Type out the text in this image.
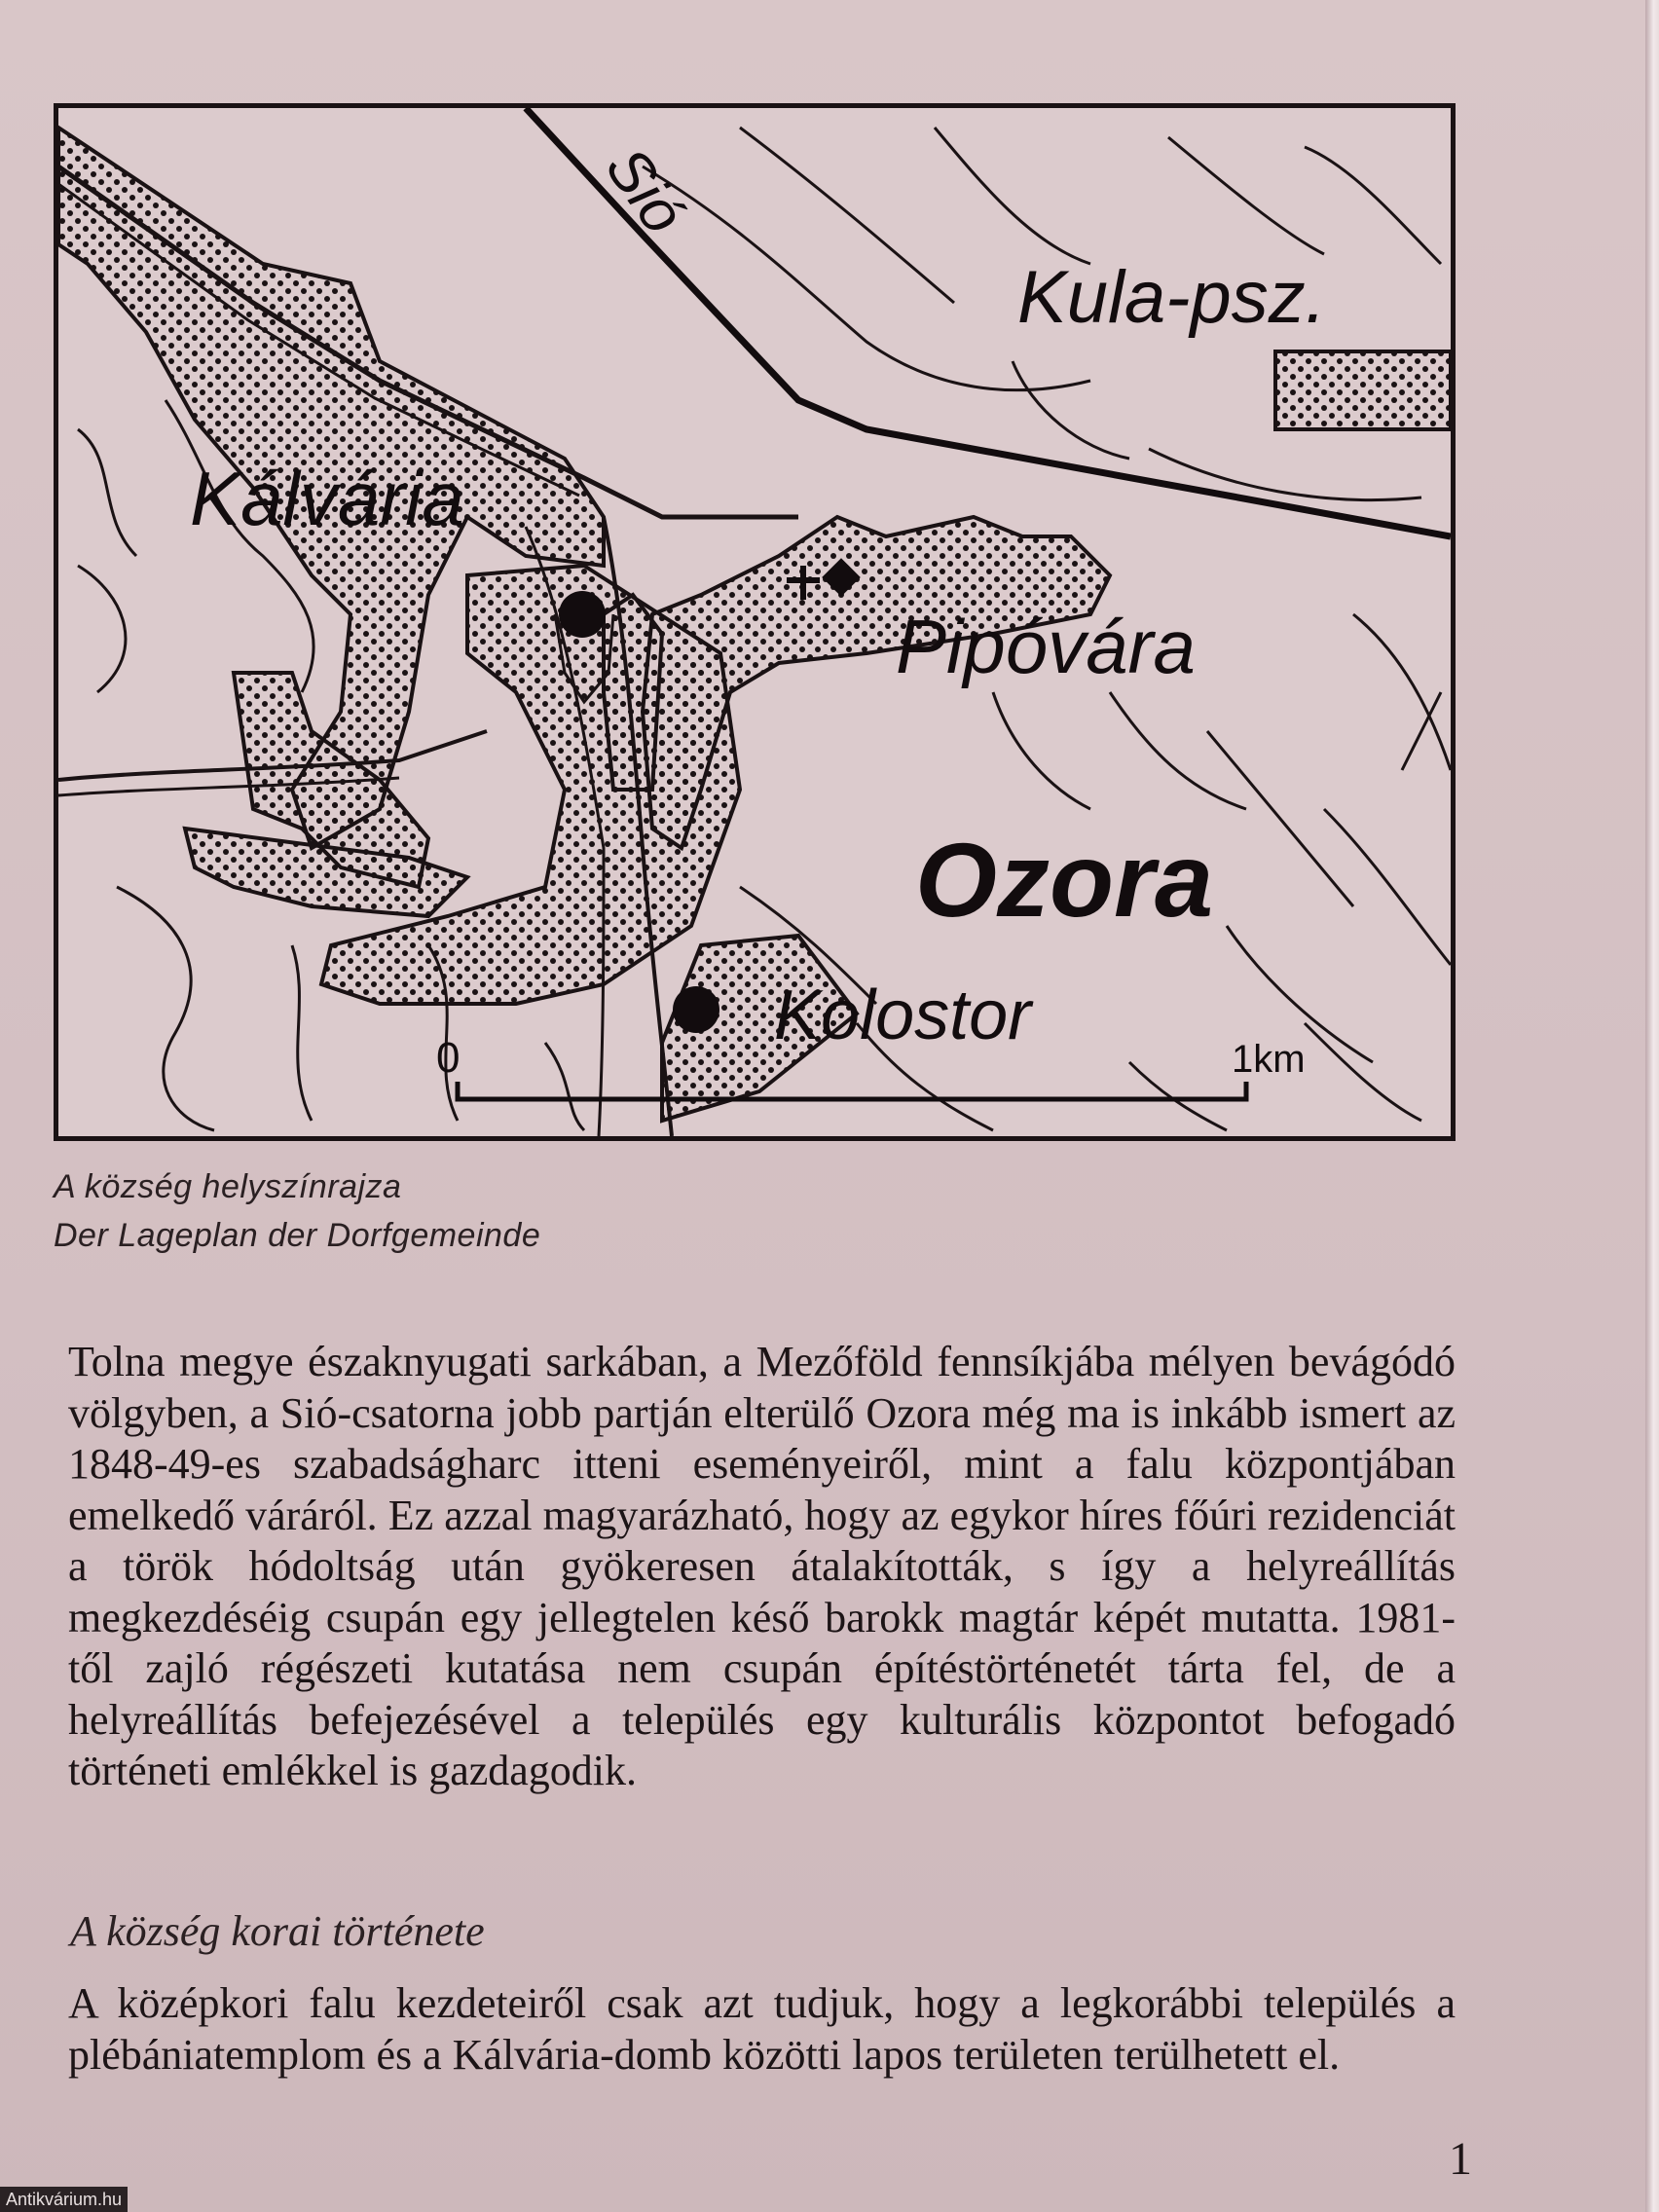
Sió
Kula-psz.
Kálvária
Pipóvára
Ozora
Kolostor
0	1km
A község helyszínrajza
Der Lageplan der Dorfgemeinde
Tolna megye északnyugati sarkában, a Mezőföld fennsíkjába mélyen bevágódó völgyben, a Sió-csatorna jobb partján elterülő Ozora még ma is inkább ismert az 1848-49-es szabadságharc itteni eseményeiről, mint a falu központjában emelkedő váráról. Ez azzal magyarázható, hogy az egykor híres főúri rezidenciát a török hódoltság után gyökeresen átalakították, s így a helyreállítás megkezdéséig csupán egy jellegtelen késő barokk magtár képét mutatta. 1981-től zajló régészeti kutatása nem csupán építéstörténetét tárta fel, de a helyreállítás befejezésével a település egy kulturális központot befogadó történeti emlékkel is gazdagodik.
A község korai története
A középkori falu kezdeteiről csak azt tudjuk, hogy a legkorábbi település a plébániatemplom és a Kálvária-domb közötti lapos területen terülhetett el.
1
Antikvárium.hu
